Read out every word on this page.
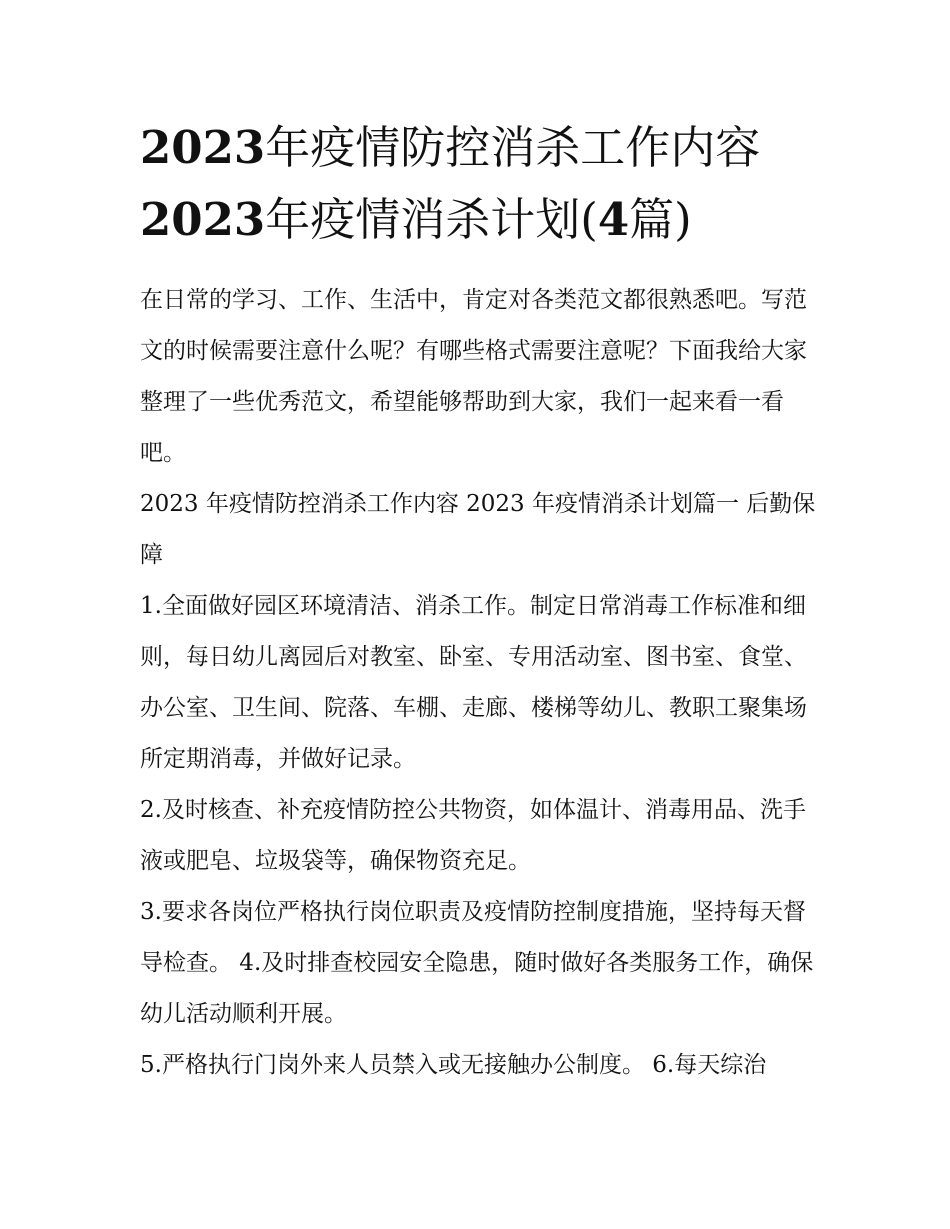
2023年疫情防控消杀工作内容
2023年疫情消杀计划(4篇)

在日常的学习、工作、生活中，肯定对各类范文都很熟悉吧。写范文的时候需要注意什么呢？有哪些格式需要注意呢？下面我给大家整理了一些优秀范文，希望能够帮助到大家，我们一起来看一看吧。

2023 年疫情防控消杀工作内容 2023 年疫情消杀计划篇一 后勤保障

1.全面做好园区环境清洁、消杀工作。制定日常消毒工作标准和细则，每日幼儿离园后对教室、卧室、专用活动室、图书室、食堂、办公室、卫生间、院落、车棚、走廊、楼梯等幼儿、教职工聚集场所定期消毒，并做好记录。

2.及时核查、补充疫情防控公共物资，如体温计、消毒用品、洗手液或肥皂、垃圾袋等，确保物资充足。

3.要求各岗位严格执行岗位职责及疫情防控制度措施，坚持每天督导检查。 4.及时排查校园安全隐患，随时做好各类服务工作，确保幼儿活动顺利开展。

5.严格执行门岗外来人员禁入或无接触办公制度。 6.每天综治
